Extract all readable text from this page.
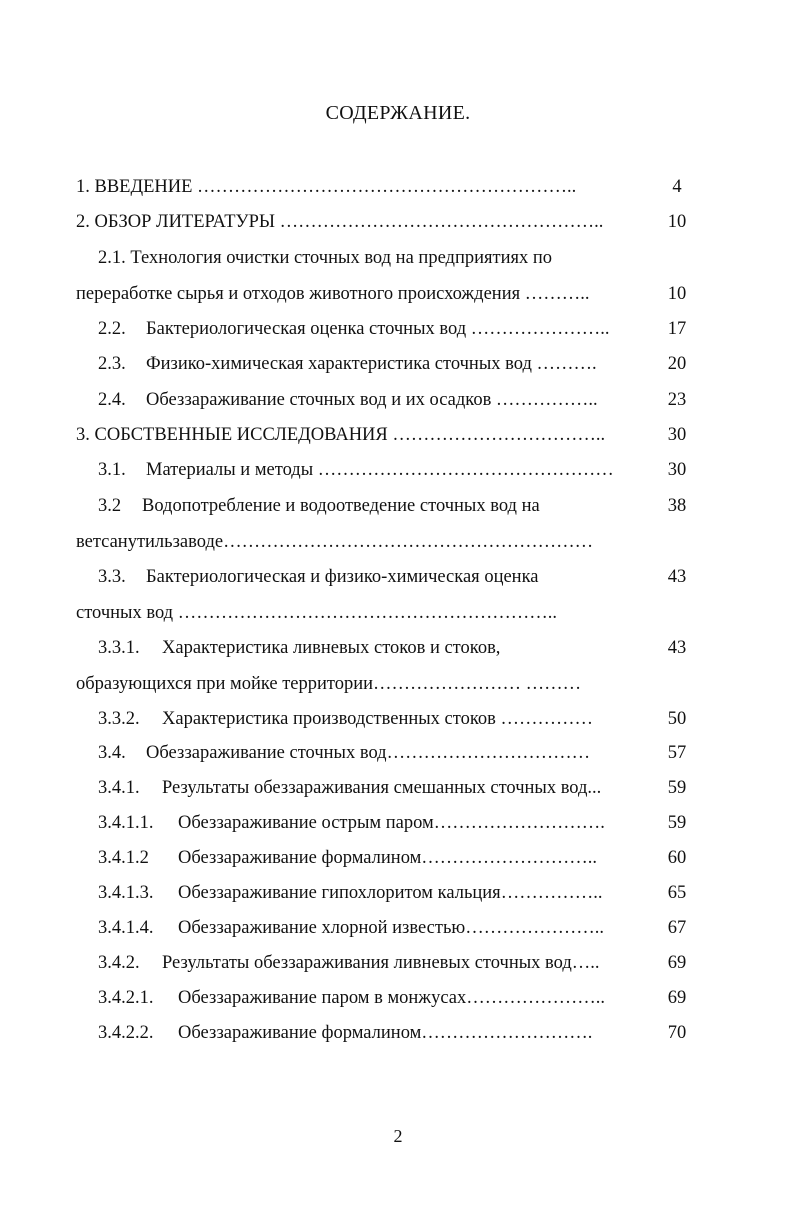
СОДЕРЖАНИЕ.
1. ВВЕДЕНИЕ ……………………………………………………..	4
2. ОБЗОР ЛИТЕРАТУРЫ ……………………………………………..	10
2.1. Технология очистки сточных вод на предприятиях по
переработке сырья и отходов животного происхождения ………..	10
2.2. Бактериологическая оценка сточных вод …………………..	17
2.3. Физико-химическая характеристика сточных вод ……….	20
2.4. Обеззараживание сточных вод и их осадков ……………..	23
3. СОБСТВЕННЫЕ ИССЛЕДОВАНИЯ ……………………………..	30
3.1. Материалы и методы …………………………………………	30
3.2 Водопотребление и водоотведение сточных вод на	38
ветсанутильзаводе……………………………………………………
3.3. Бактериологическая и физико-химическая оценка	43
сточных вод ……………………………………………………..
3.3.1. Характеристика ливневых стоков и стоков,	43
образующихся при мойке территории…………………… ………
3.3.2. Характеристика производственных стоков ……………	50
3.4. Обеззараживание сточных вод……………………………	57
3.4.1. Результаты обеззараживания смешанных сточных вод...	59
3.4.1.1. Обеззараживание острым паром……………………….	59
3.4.1.2 Обеззараживание формалином………………………..	60
3.4.1.3. Обеззараживание гипохлоритом кальция……………..	65
3.4.1.4. Обеззараживание хлорной известью…………………..	67
3.4.2. Результаты обеззараживания ливневых сточных вод…..	69
3.4.2.1. Обеззараживание паром в монжусах…………………..	69
3.4.2.2. Обеззараживание формалином……………………….	70
2
